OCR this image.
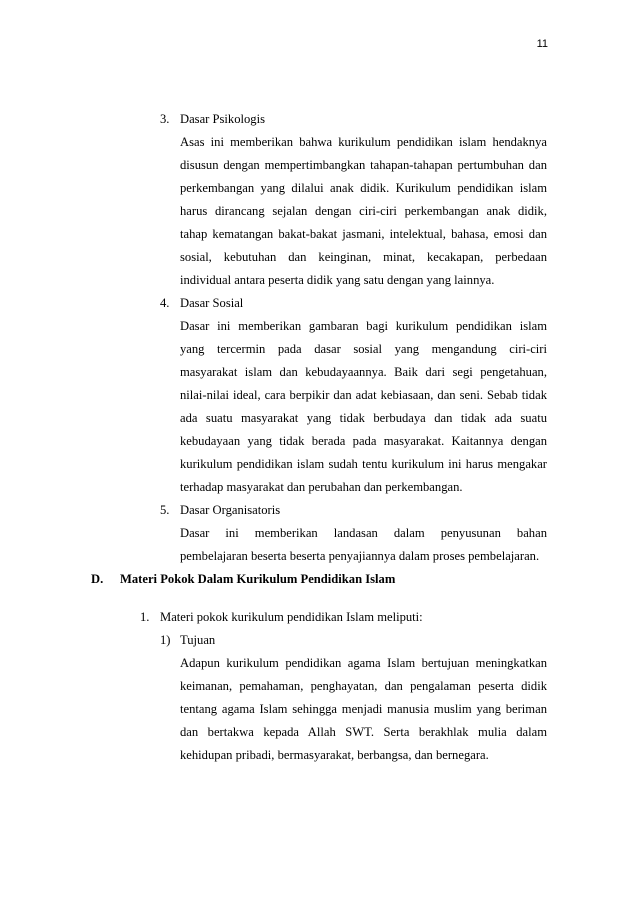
11
3. Dasar Psikologis
Asas ini memberikan bahwa kurikulum pendidikan islam hendaknya
disusun dengan mempertimbangkan tahapan-tahapan pertumbuhan dan
perkembangan yang dilalui anak didik. Kurikulum pendidikan islam
harus dirancang sejalan dengan ciri-ciri perkembangan anak didik,
tahap kematangan bakat-bakat jasmani, intelektual, bahasa, emosi dan
sosial, kebutuhan dan keinginan, minat, kecakapan, perbedaan
individual antara peserta didik yang satu dengan yang lainnya.
4. Dasar Sosial
Dasar ini memberikan gambaran bagi kurikulum pendidikan islam
yang tercermin pada dasar sosial yang mengandung ciri-ciri
masyarakat islam dan kebudayaannya. Baik dari segi pengetahuan,
nilai-nilai ideal, cara berpikir dan adat kebiasaan, dan seni. Sebab tidak
ada suatu masyarakat yang tidak berbudaya dan tidak ada suatu
kebudayaan yang tidak berada pada masyarakat. Kaitannya dengan
kurikulum pendidikan islam sudah tentu kurikulum ini harus mengakar
terhadap masyarakat dan perubahan dan perkembangan.
5. Dasar Organisatoris
Dasar ini memberikan landasan dalam penyusunan bahan
pembelajaran beserta beserta penyajiannya dalam proses pembelajaran.
D. Materi Pokok Dalam Kurikulum Pendidikan Islam
1. Materi pokok kurikulum pendidikan Islam meliputi:
1) Tujuan
Adapun kurikulum pendidikan agama Islam bertujuan meningkatkan
keimanan, pemahaman, penghayatan, dan pengalaman peserta didik
tentang agama Islam sehingga menjadi manusia muslim yang beriman
dan bertakwa kepada Allah SWT. Serta berakhlak mulia dalam
kehidupan pribadi, bermasyarakat, berbangsa, dan bernegara.
